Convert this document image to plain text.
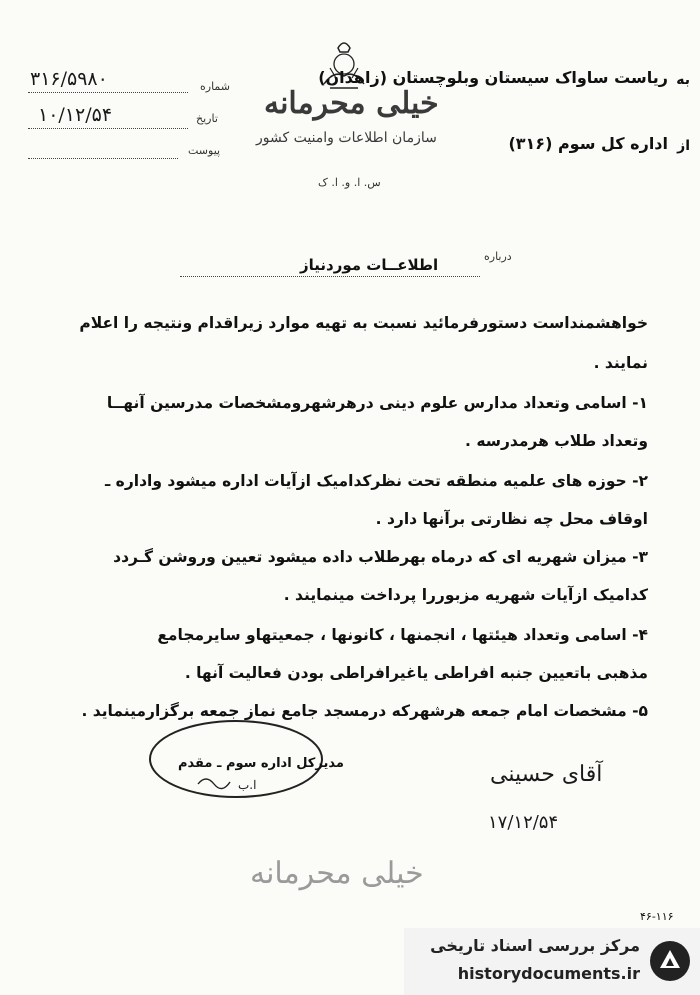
به
ریاست ساواک سیستان وبلوچستان (زاهدان)
از
اداره کل سوم (۳۱۶)
شماره
۳۱۶/۵۹۸۰
تاریخ
۱۰/۱۲/۵۴
پیوست
خیلی محرمانه
سازمان اطلاعات وامنیت کشور
س. ا. و. ا. ک
درباره
اطلاعــات موردنیاز
خواهشمنداست دستورفرمائید نسبت به تهیه موارد زیراقدام ونتیجه را اعلام
نمایند .
۱- اسامی وتعداد مدارس علوم دینی درهرشهرومشخصات مدرسین آنهــا
وتعداد طلاب هرمدرسه .
۲- حوزه های علمیه منطقه تحت نظرکدامیک ازآیات اداره میشود واداره ـ
اوقاف محل چه نظارتی برآنها دارد .
۳- میزان شهریه ای که درماه بهرطلاب داده میشود تعیین وروشن گـردد
کدامیک ازآیات شهریه مزبوررا پرداخت مینمایند .
۴- اسامی وتعداد هیئتها ، انجمنها ، کانونها ، جمعیتهاو سایرمجامع
مذهبی باتعیین جنبه افراطی یاغیرافراطی بودن فعالیت آنها .
۵- مشخصات امام جمعه هرشهرکه درمسجد جامع نماز جمعه برگزارمینماید .
مدیرکل اداره سوم ـ مقدم
ا.ب	آقای حسینی
۱۷/۱۲/۵۴
خیلی محرمانه
۴۶-۱۱۶
مرکز بررسی اسناد تاریخی
historydocuments.ir
